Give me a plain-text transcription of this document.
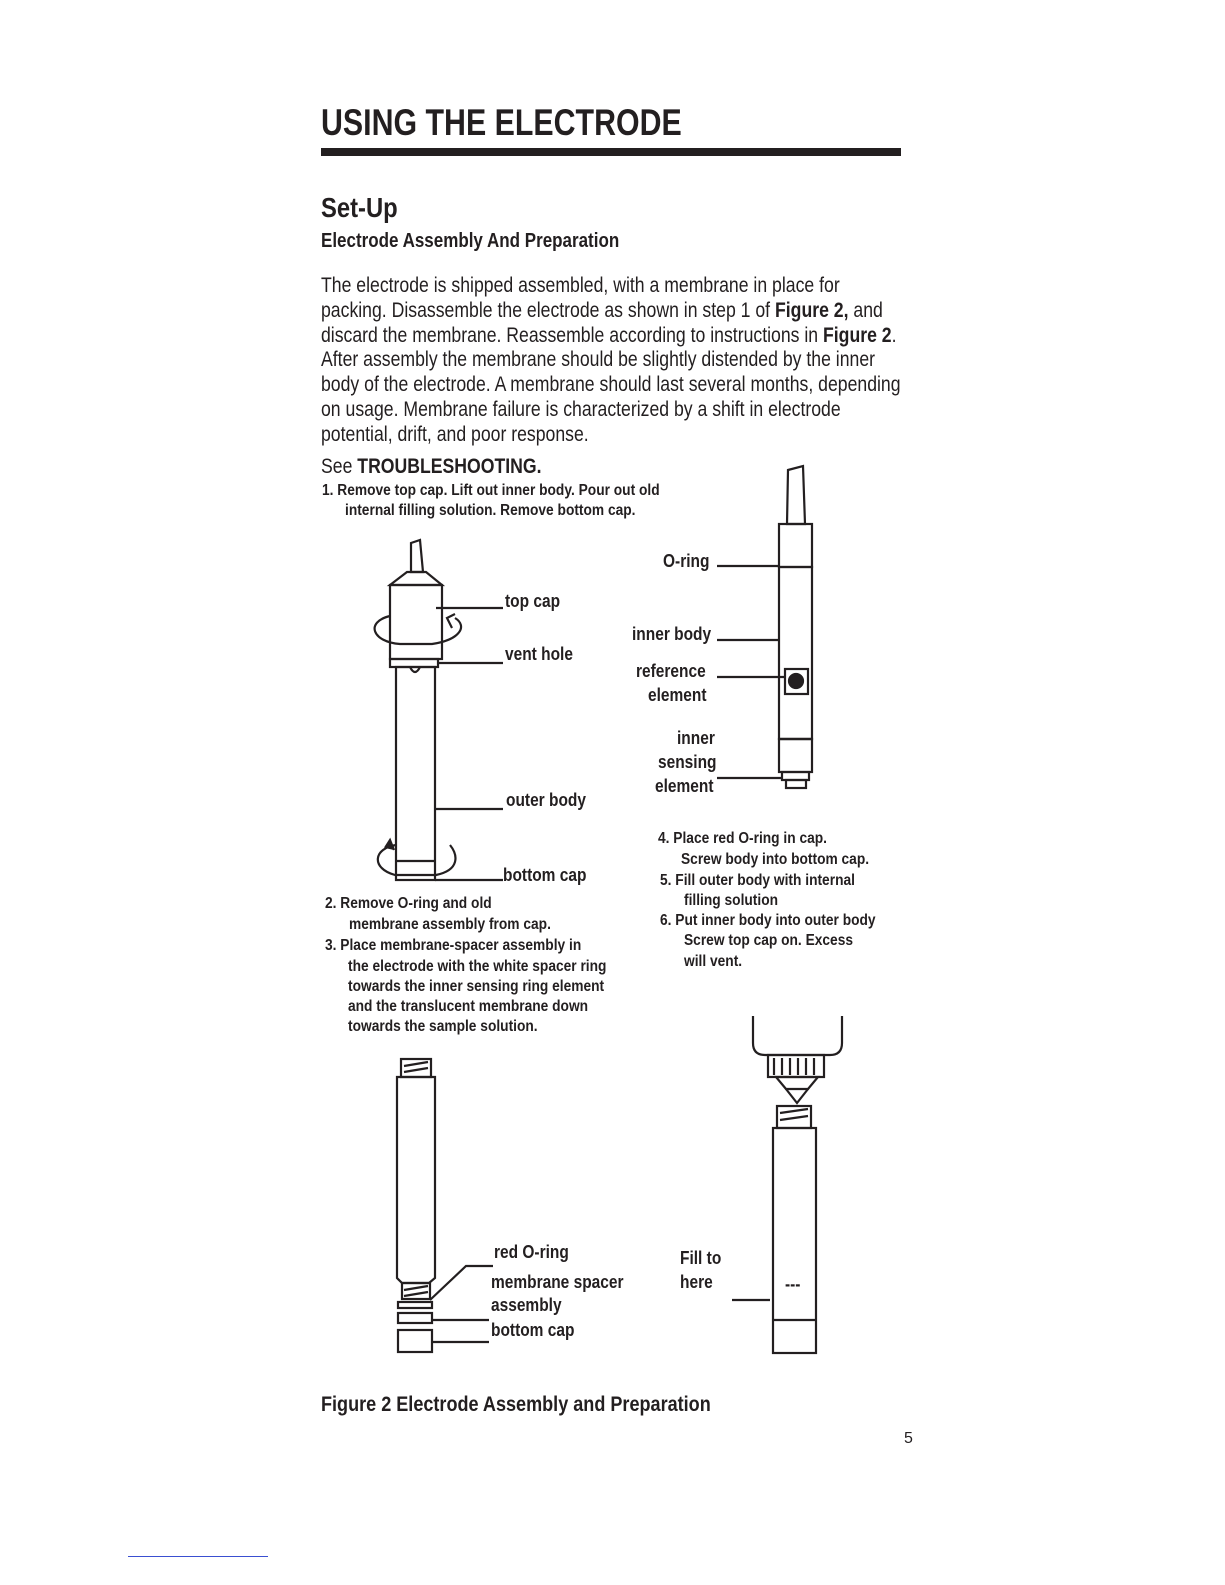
USING THE ELECTRODE
Set-Up
Electrode Assembly And Preparation

The electrode is shipped assembled, with a membrane in place for packing. Disassemble the electrode as shown in step 1 of Figure 2, and discard the membrane. Reassemble according to instructions in Figure 2. After assembly the membrane should be slightly distended by the inner body of the electrode. A membrane should last several months, depending on usage. Membrane failure is characterized by a shift in electrode potential, drift, and poor response.

See TROUBLESHOOTING.
1. Remove top cap. Lift out inner body. Pour out old
internal filling solution. Remove bottom cap.
2. Remove O-ring and old
membrane assembly from cap.
3. Place membrane-spacer assembly in
the electrode with the white spacer ring
towards the inner sensing ring element
and the translucent membrane down
towards the sample solution.
4. Place red O-ring in cap.
Screw body into bottom cap.
5. Fill outer body with internal
filling solution
6. Put inner body into outer body
Screw top cap on. Excess
will vent.
top cap
vent hole
outer body
bottom cap
O-ring
inner body
reference
element
inner
sensing
element
red O-ring
membrane spacer
assembly
bottom cap
Fill to
here	---
Figure 2 Electrode Assembly and Preparation
5
